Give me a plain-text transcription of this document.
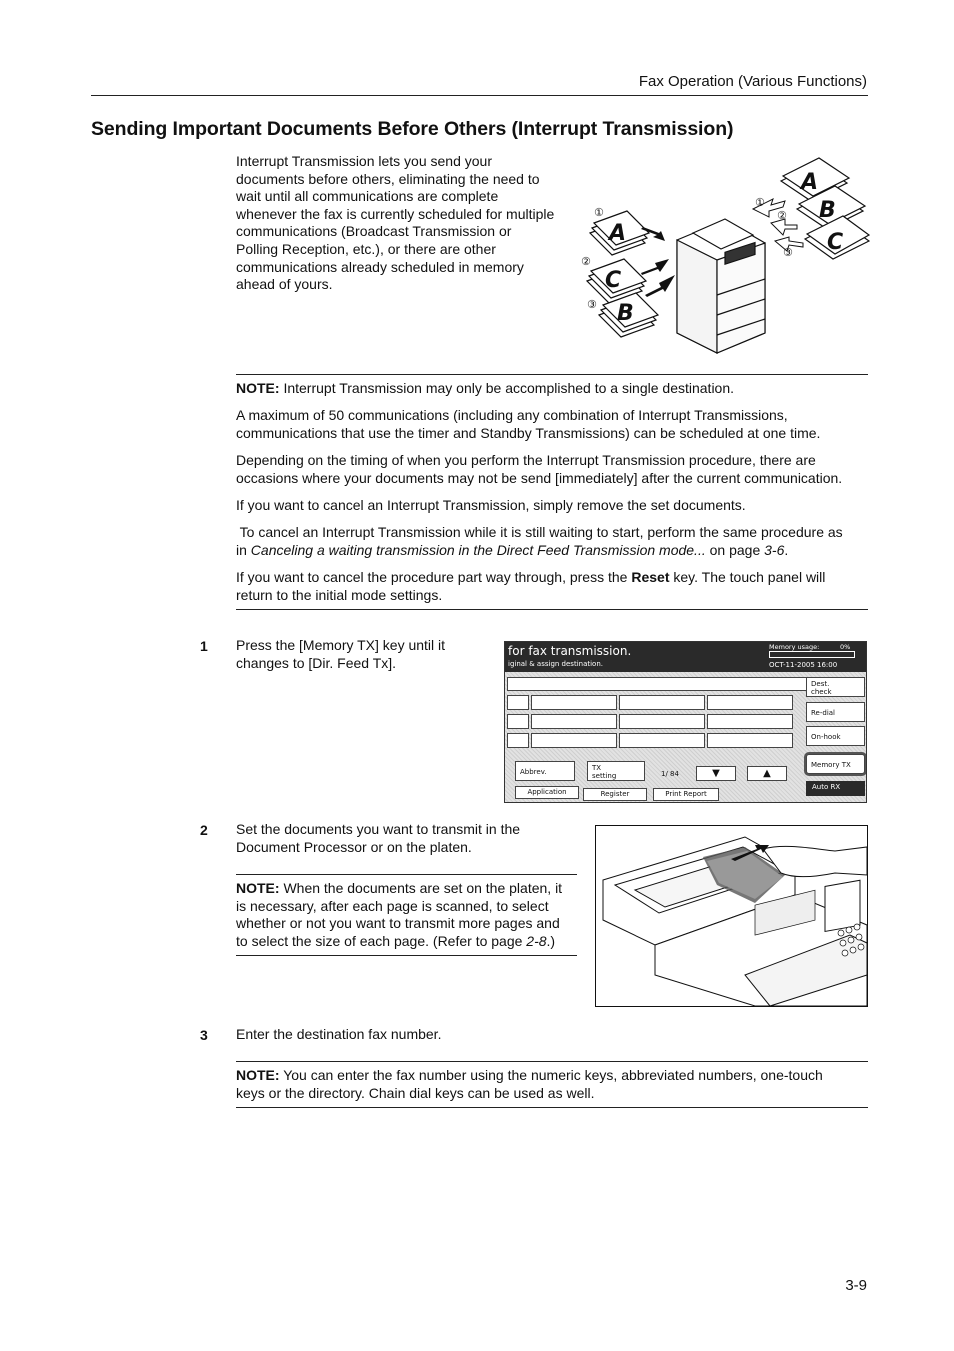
Fax Operation (Various Functions)
Sending Important Documents Before Others (Interrupt Transmission)
Interrupt Transmission lets you send your
documents before others, eliminating the need to
wait until all communications are complete
whenever the fax is currently scheduled for multiple
communications (Broadcast Transmission or
Polling Reception, etc.), or there are other
communications already scheduled in memory
ahead of yours.
A
C
B
A
B
C
①
②
③
①
②
③
NOTE: Interrupt Transmission may only be accomplished to a single destination.
A maximum of 50 communications (including any combination of Interrupt Transmissions,
communications that use the timer and Standby Transmissions) can be scheduled at one time.
Depending on the timing of when you perform the Interrupt Transmission procedure, there are
occasions where your documents may not be send [immediately] after the current communication.
If you want to cancel an Interrupt Transmission, simply remove the set documents.
To cancel an Interrupt Transmission while it is still waiting to start, perform the same procedure as
in Canceling a waiting transmission in the Direct Feed Transmission mode... on page 3-6.
If you want to cancel the procedure part way through, press the Reset key. The touch panel will
return to the initial mode settings.
1 Press the [Memory TX] key until it
changes to [Dir. Feed Tx].
for fax transmission.
iginal & assign destination.
Memory usage:	0%
OCT-11-2005 16:00
Dest.
check
Re-dial
On-hook
Memory TX
Auto RX
Abbrev.	TX
setting	1/ 84	▼	▲
Application	Register	Print Report
2 Set the documents you want to transmit in the
Document Processor or on the platen.
NOTE: When the documents are set on the platen, it
is necessary, after each page is scanned, to select
whether or not you want to transmit more pages and
to select the size of each page. (Refer to page 2-8.)
3 Enter the destination fax number.
NOTE: You can enter the fax number using the numeric keys, abbreviated numbers, one-touch
keys or the directory. Chain dial keys can be used as well.
3-9
